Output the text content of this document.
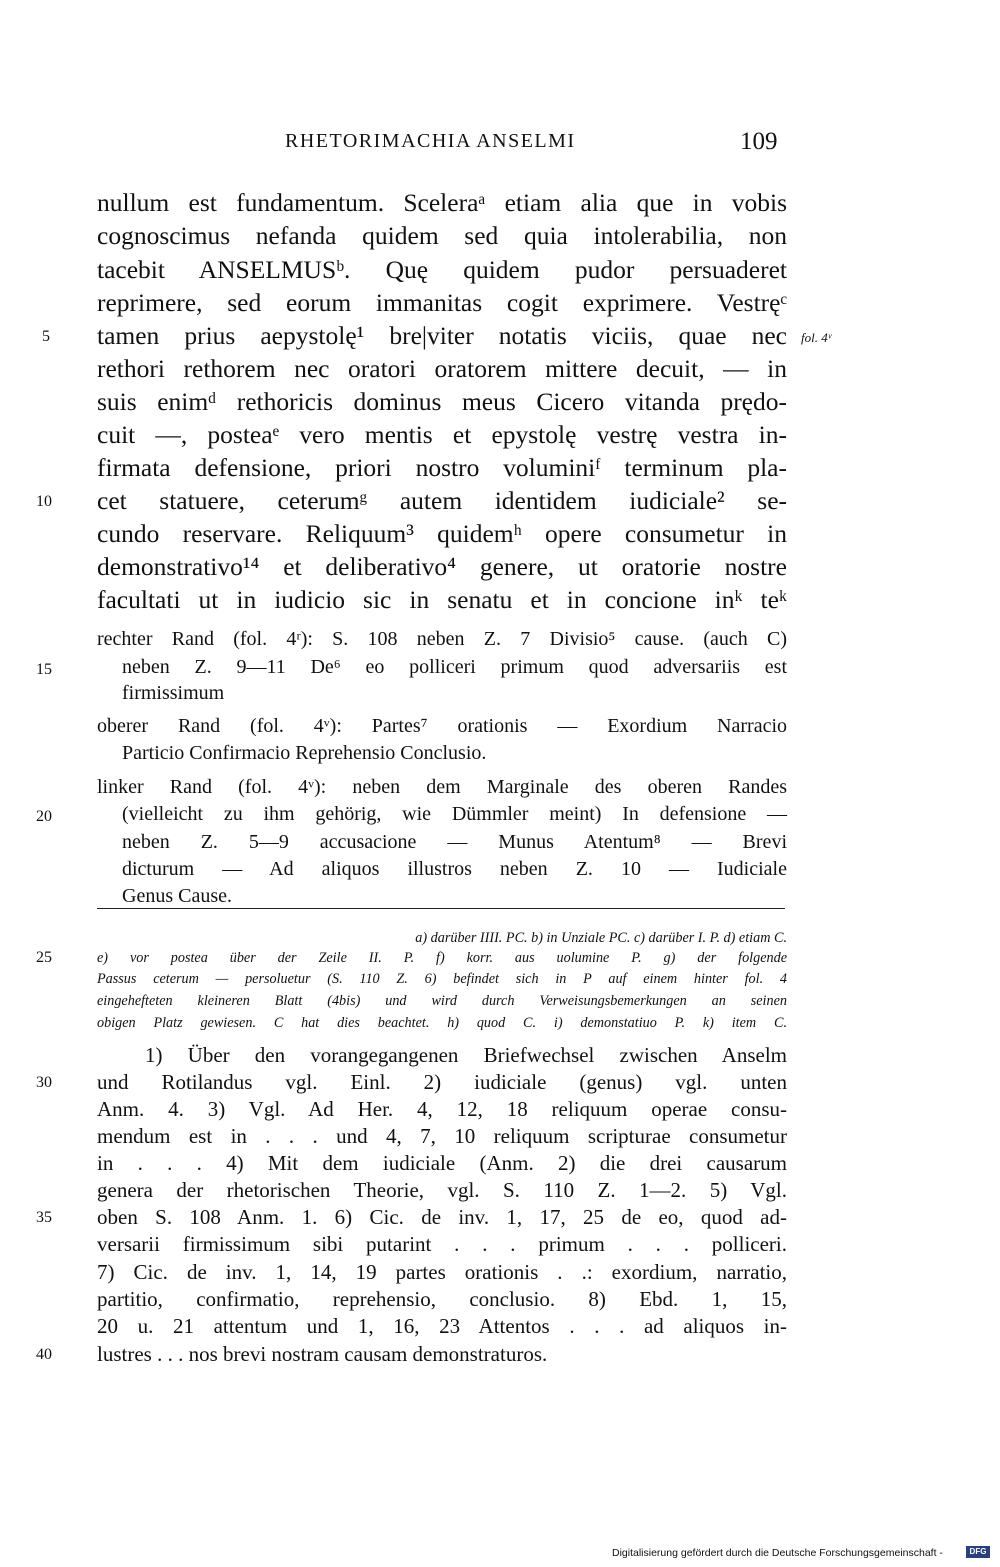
RHETORIMACHIA ANSELMI	109
nullum est fundamentum. Sceleraᵃ etiam alia que in vobis
cognoscimus nefanda quidem sed quia intolerabilia, non
tacebit ANSELMUSᵇ. Quę quidem pudor persuaderet
reprimere, sed eorum immanitas cogit exprimere. Vestręᶜ
tamen prius aepystolę¹ bre|viter notatis viciis, quae nec
rethori rethorem nec oratori oratorem mittere decuit, — in
suis enimᵈ rethoricis dominus meus Cicero vitanda prędo-
cuit —, posteaᵉ vero mentis et epystolę vestrę vestra in-
firmata defensione, priori nostro voluminiᶠ terminum pla-
cet statuere, ceterumᵍ autem identidem iudiciale² se-
cundo reservare. Reliquum³ quidemʰ opere consumetur in
demonstrativo¹⁴ et deliberativo⁴ genere, ut oratorie nostre
facultati ut in iudicio sic in senatu et in concione inᵏ teᵏ
fol. 4ᵛ
rechter Rand (fol. 4ʳ): S. 108 neben Z. 7 Divisio⁵ cause. (auch C)
neben Z. 9—11 De⁶ eo polliceri primum quod adversariis est
firmissimum
oberer Rand (fol. 4ᵛ): Partes⁷ orationis — Exordium Narracio
Particio Confirmacio Reprehensio Conclusio.
linker Rand (fol. 4ᵛ): neben dem Marginale des oberen Randes
(vielleicht zu ihm gehörig, wie Dümmler meint) In defensione —
neben Z. 5—9 accusacione — Munus Atentum⁸ — Brevi
dicturum — Ad aliquos illustros neben Z. 10 — Iudiciale
Genus Cause.
a) darüber IIII. PC. b) in Unziale PC. c) darüber I. P. d) etiam C.
e) vor postea über der Zeile II. P. f) korr. aus uolumine P. g) der folgende
Passus ceterum — persoluetur (S. 110 Z. 6) befindet sich in P auf einem hinter fol. 4
eingehefteten kleineren Blatt (4bis) und wird durch Verweisungsbemerkungen an seinen
obigen Platz gewiesen. C hat dies beachtet. h) quod C. i) demonstatiuo P. k) item C.
1) Über den vorangegangenen Briefwechsel zwischen Anselm
und Rotilandus vgl. Einl. 2) iudiciale (genus) vgl. unten
Anm. 4. 3) Vgl. Ad Her. 4, 12, 18 reliquum operae consu-
mendum est in . . . und 4, 7, 10 reliquum scripturae consumetur
in . . . 4) Mit dem iudiciale (Anm. 2) die drei causarum
genera der rhetorischen Theorie, vgl. S. 110 Z. 1—2. 5) Vgl.
oben S. 108 Anm. 1. 6) Cic. de inv. 1, 17, 25 de eo, quod ad-
versarii firmissimum sibi putarint . . . primum . . . polliceri.
7) Cic. de inv. 1, 14, 19 partes orationis . .: exordium, narratio,
partitio, confirmatio, reprehensio, conclusio. 8) Ebd. 1, 15,
20 u. 21 attentum und 1, 16, 23 Attentos . . . ad aliquos in-
lustres . . . nos brevi nostram causam demonstraturos.
5
10
15
20
25
30
35
40
Digitalisierung gefördert durch die Deutsche Forschungsgemeinschaft -	DFG
